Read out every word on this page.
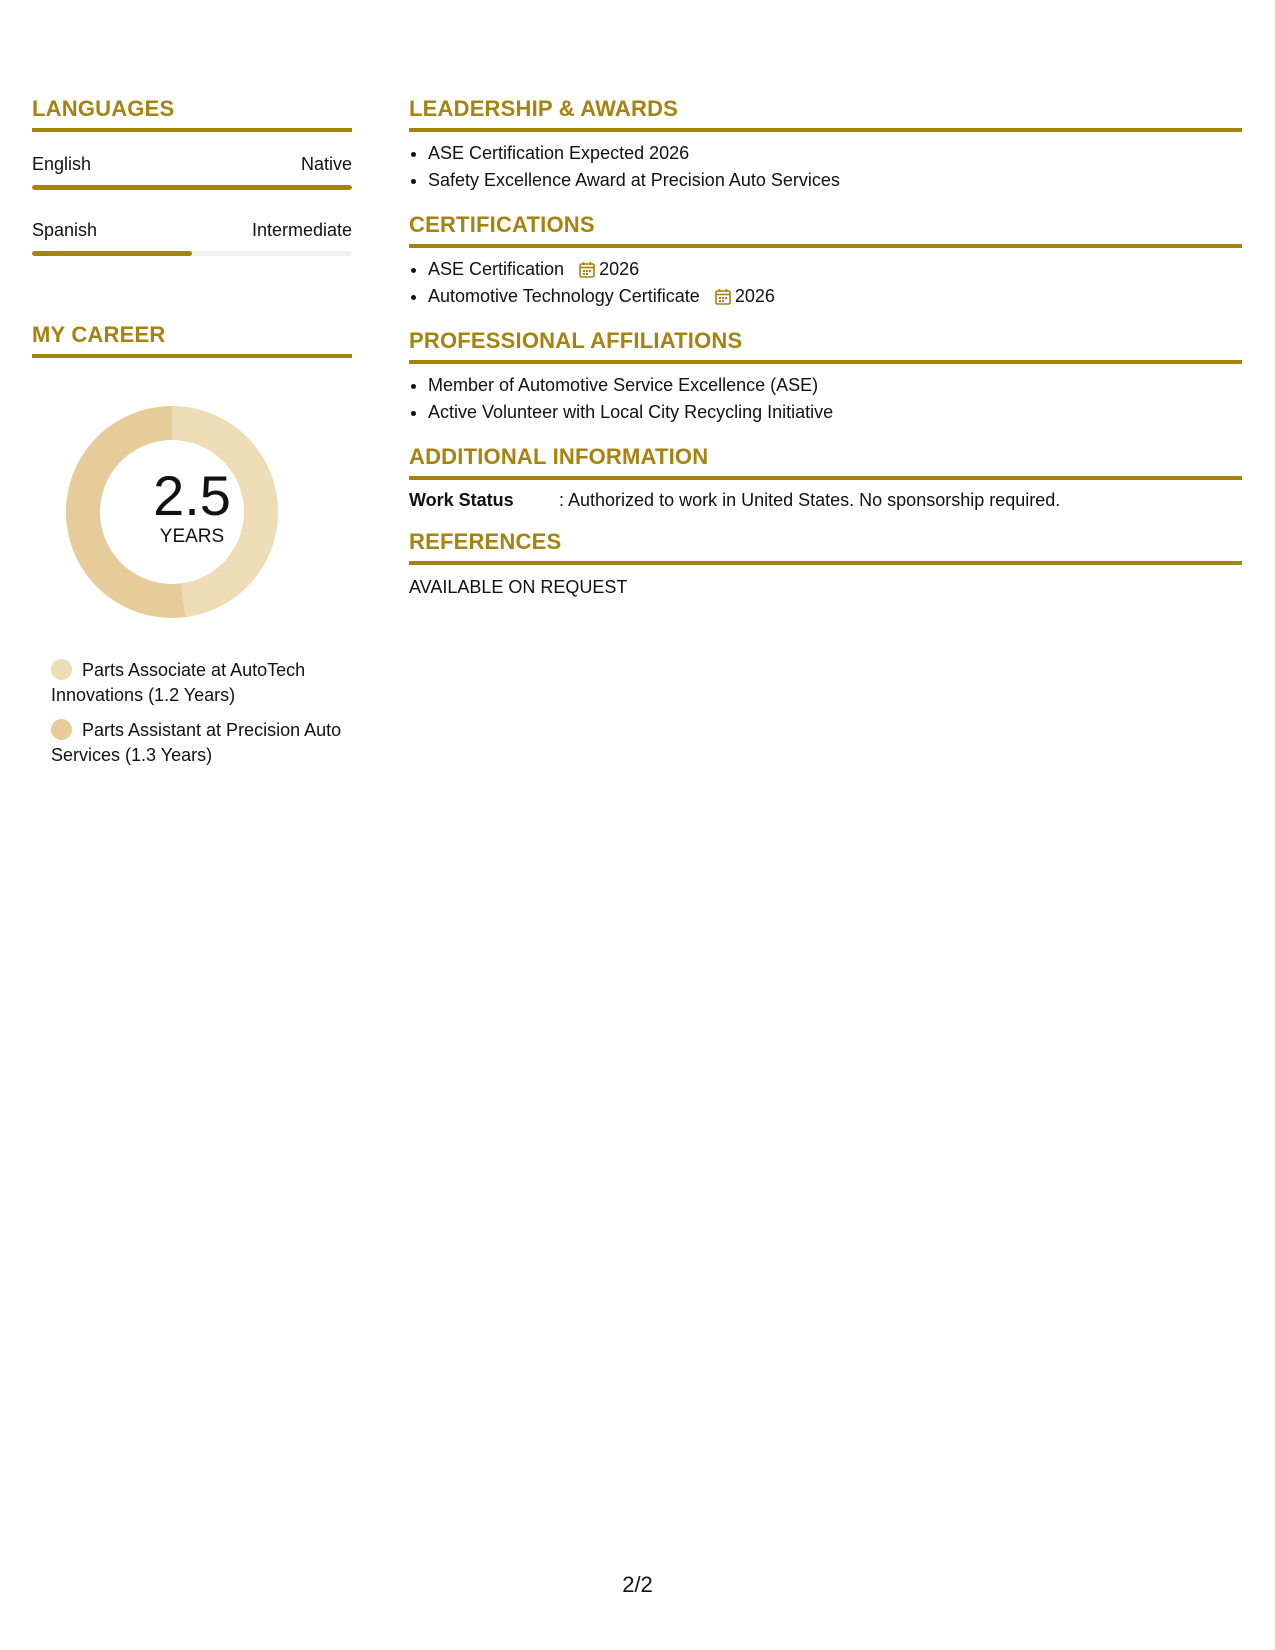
LANGUAGES
English	Native
Spanish	Intermediate
MY CAREER
2.5
YEARS
Parts Associate at AutoTech Innovations (1.2 Years)
Parts Assistant at Precision Auto Services (1.3 Years)
LEADERSHIP & AWARDS
• ASE Certification Expected 2026
• Safety Excellence Award at Precision Auto Services
CERTIFICATIONS
• ASE Certification 2026
• Automotive Technology Certificate 2026
PROFESSIONAL AFFILIATIONS
• Member of Automotive Service Excellence (ASE)
• Active Volunteer with Local City Recycling Initiative
ADDITIONAL INFORMATION
Work Status	: Authorized to work in United States. No sponsorship required.
REFERENCES
AVAILABLE ON REQUEST
2/2
